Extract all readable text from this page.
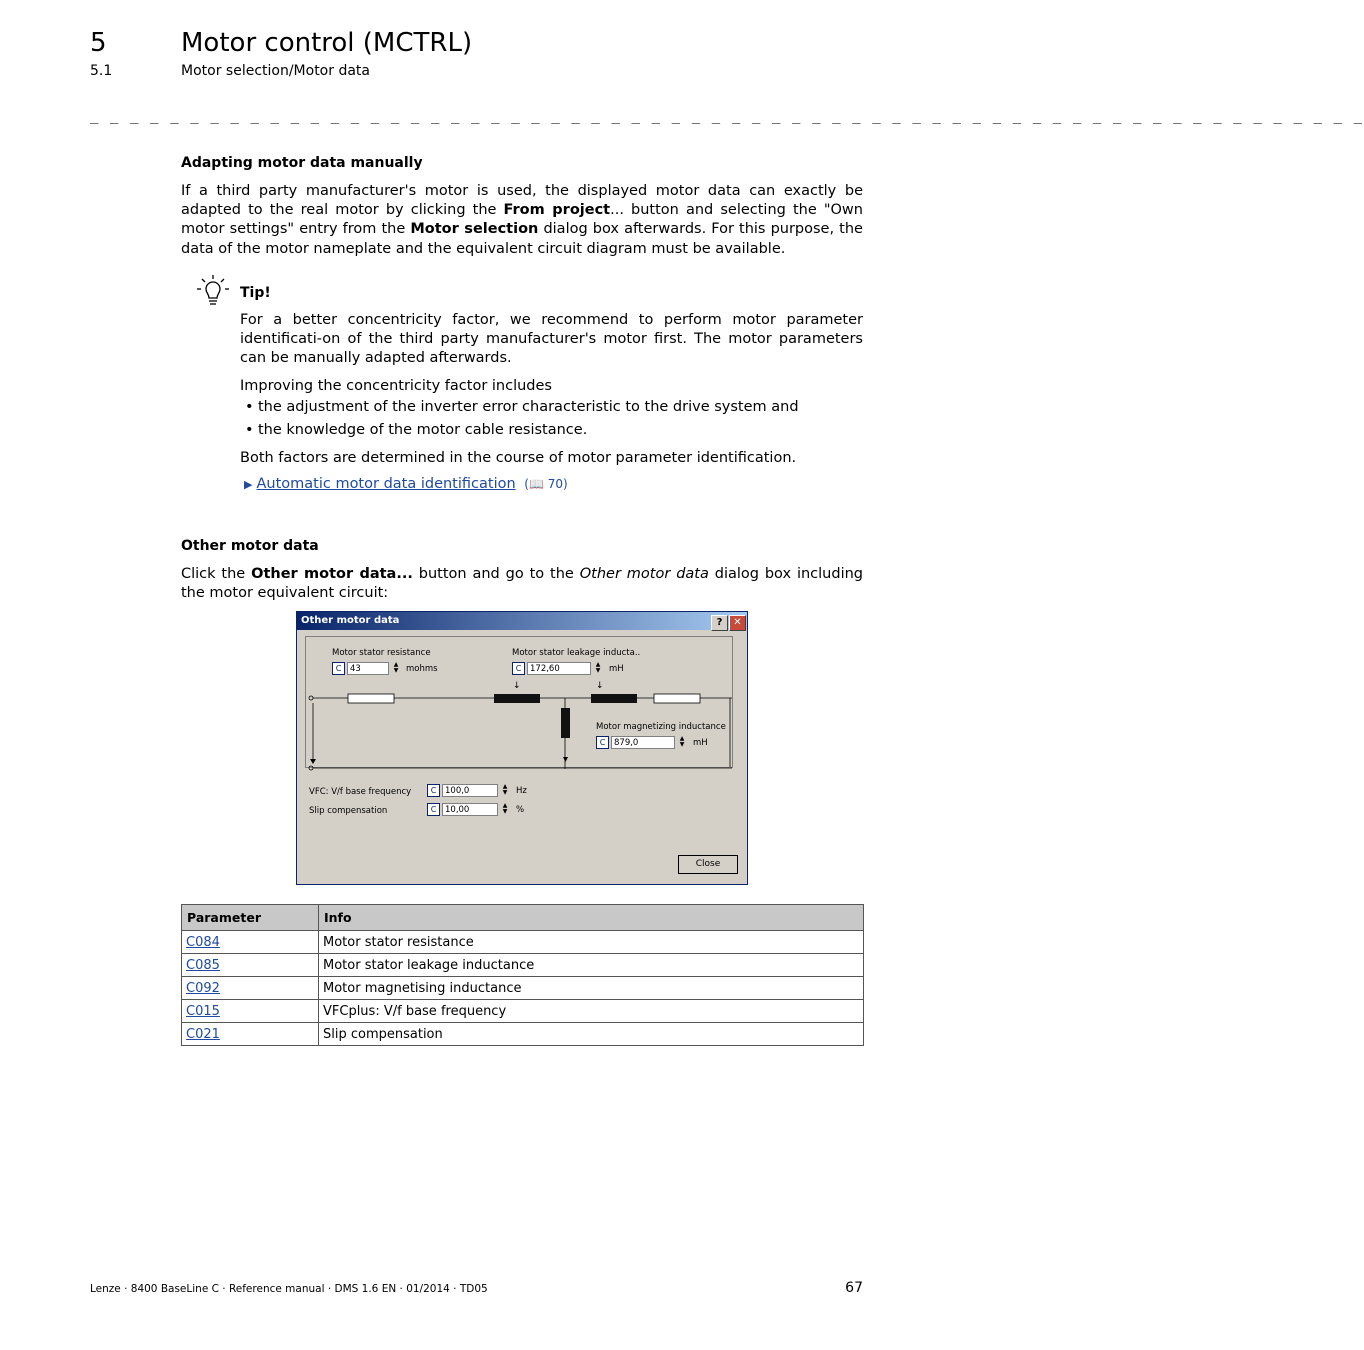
5	Motor control (MCTRL)
5.1	Motor selection/Motor data
_ _ _ _ _ _ _ _ _ _ _ _ _ _ _ _ _ _ _ _ _ _ _ _ _ _ _ _ _ _ _ _ _ _ _ _ _ _ _ _ _ _ _ _ _ _ _ _ _ _ _ _ _ _ _ _ _ _ _ _ _ _ _ _
Adapting motor data manually
If a third party manufacturer's motor is used, the displayed motor data can exactly be adapted to the real motor by clicking the From project... button and selecting the "Own motor settings" entry from the Motor selection dialog box afterwards. For this purpose, the data of the motor nameplate and the equivalent circuit diagram must be available.
Tip!
For a better concentricity factor, we recommend to perform motor parameter identificati-on of the third party manufacturer's motor first. The motor parameters can be manually adapted afterwards.
Improving the concentricity factor includes
• the adjustment of the inverter error characteristic to the drive system and
• the knowledge of the motor cable resistance.
Both factors are determined in the course of motor parameter identification.
▶ Automatic motor data identification (📖 70)
Other motor data
Click the Other motor data... button and go to the Other motor data dialog box including the motor equivalent circuit:
Other motor data	?	✕
↓	↓
Motor stator resistance
C	43	▲
▼ mohms
Motor stator leakage inducta..
C	172,60	▲
▼	mH
Motor magnetizing inductance
C	879,0	▲
▼	mH
VFC: V/f base frequency	C	100,0	▲
▼	Hz
Slip compensation	C	10,00	▲
▼	%
Close
Parameter	Info
C084	Motor stator resistance
C085	Motor stator leakage inductance
C092	Motor magnetising inductance
C015	VFCplus: V/f base frequency
C021	Slip compensation
Lenze · 8400 BaseLine C · Reference manual · DMS 1.6 EN · 01/2014 · TD05	67
